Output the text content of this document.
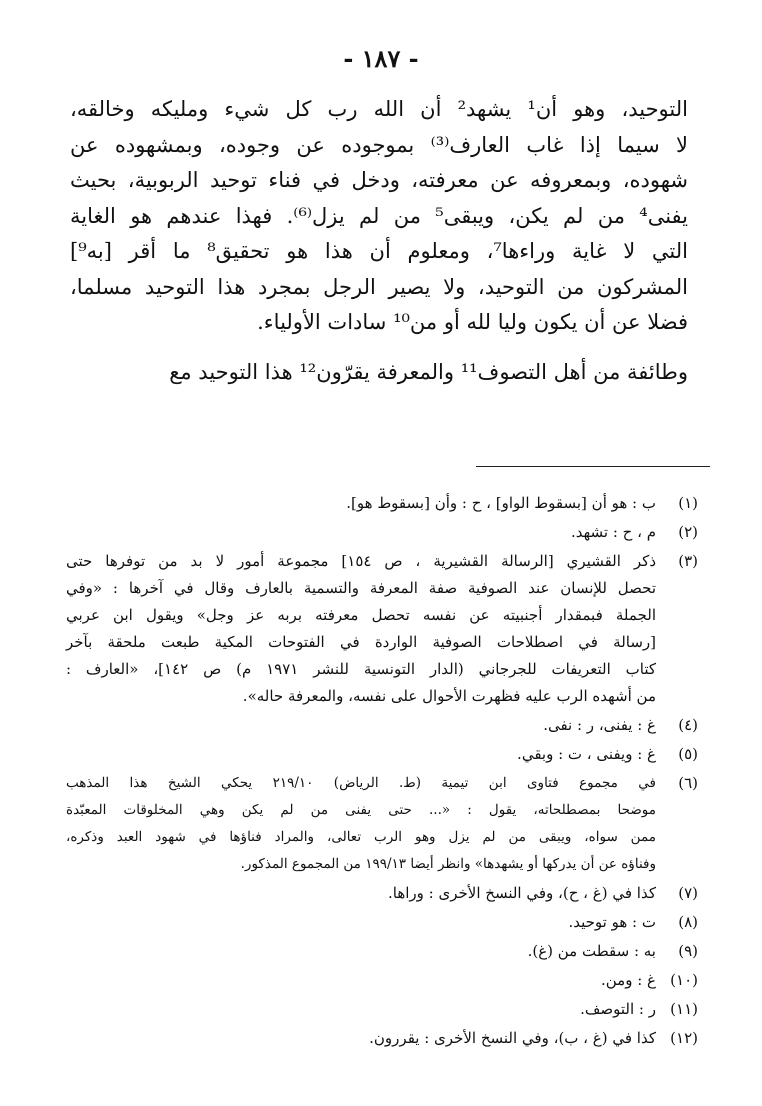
- ١٨٧ -
التوحيد، وهو أن¹ يشهد² أن الله رب كل شيء ومليكه وخالقه،
لا سيما إذا غاب العارف⁽³⁾ بموجوده عن وجوده، وبمشهوده عن
شهوده، وبمعروفه عن معرفته، ودخل في فناء توحيد الربوبية، بحيث
يفنى⁴ من لم يكن، ويبقى⁵ من لم يزل⁽⁶⁾. فهذا عندهم هو الغاية
التي لا غاية وراءها⁷، ومعلوم أن هذا هو تحقيق⁸ ما أقر [به⁹]
المشركون من التوحيد، ولا يصير الرجل بمجرد هذا التوحيد مسلما،
فضلا عن أن يكون وليا لله أو من¹⁰ سادات الأولياء.
وطائفة من أهل التصوف¹¹ والمعرفة يقرّون¹² هذا التوحيد مع
(١)
ب : هو أن [بسقوط الواو] ، ح : وأن [بسقوط هو].
(٢)
م ، ح : تشهد.
(٣)
ذكر القشيري [الرسالة القشيرية ، ص ١٥٤] مجموعة أمور لا بد من توفرها حتى
تحصل للإنسان عند الصوفية صفة المعرفة والتسمية بالعارف وقال في آخرها : «وفي
الجملة فبمقدار أجنبيته عن نفسه تحصل معرفته بربه عز وجل» ويقول ابن عربي
[رسالة في اصطلاحات الصوفية الواردة في الفتوحات المكية طبعت ملحقة بآخر
كتاب التعريفات للجرجاني (الدار التونسية للنشر ١٩٧١ م) ص ١٤٢]، «العارف :
من أشهده الرب عليه فظهرت الأحوال على نفسه، والمعرفة حاله».
(٤)
غ : يفنى، ر : نفى.
(٥)
غ : ويفنى ، ت : وبقي.
(٦)
في مجموع فتاوى ابن تيمية (ط. الرياض) ٢١٩/١٠ يحكي الشيخ هذا المذهب
موضحا بمصطلحاته، يقول : «... حتى يفنى من لم يكن وهي المخلوقات المعبّدة
ممن سواه، ويبقى من لم يزل وهو الرب تعالى، والمراد فناؤها في شهود العبد وذكره،
وفناؤه عن أن يدركها أو يشهدها» وانظر أيضا ١٩٩/١٣ من المجموع المذكور.
(٧)
كذا في (غ ، ح)، وفي النسخ الأخرى : وراها.
(٨)
ت : هو توحيد.
(٩)
به : سقطت من (غ).
(١٠)
غ : ومن.
(١١)
ر : التوصف.
(١٢)
كذا في (غ ، ب)، وفي النسخ الأخرى : يقررون.
